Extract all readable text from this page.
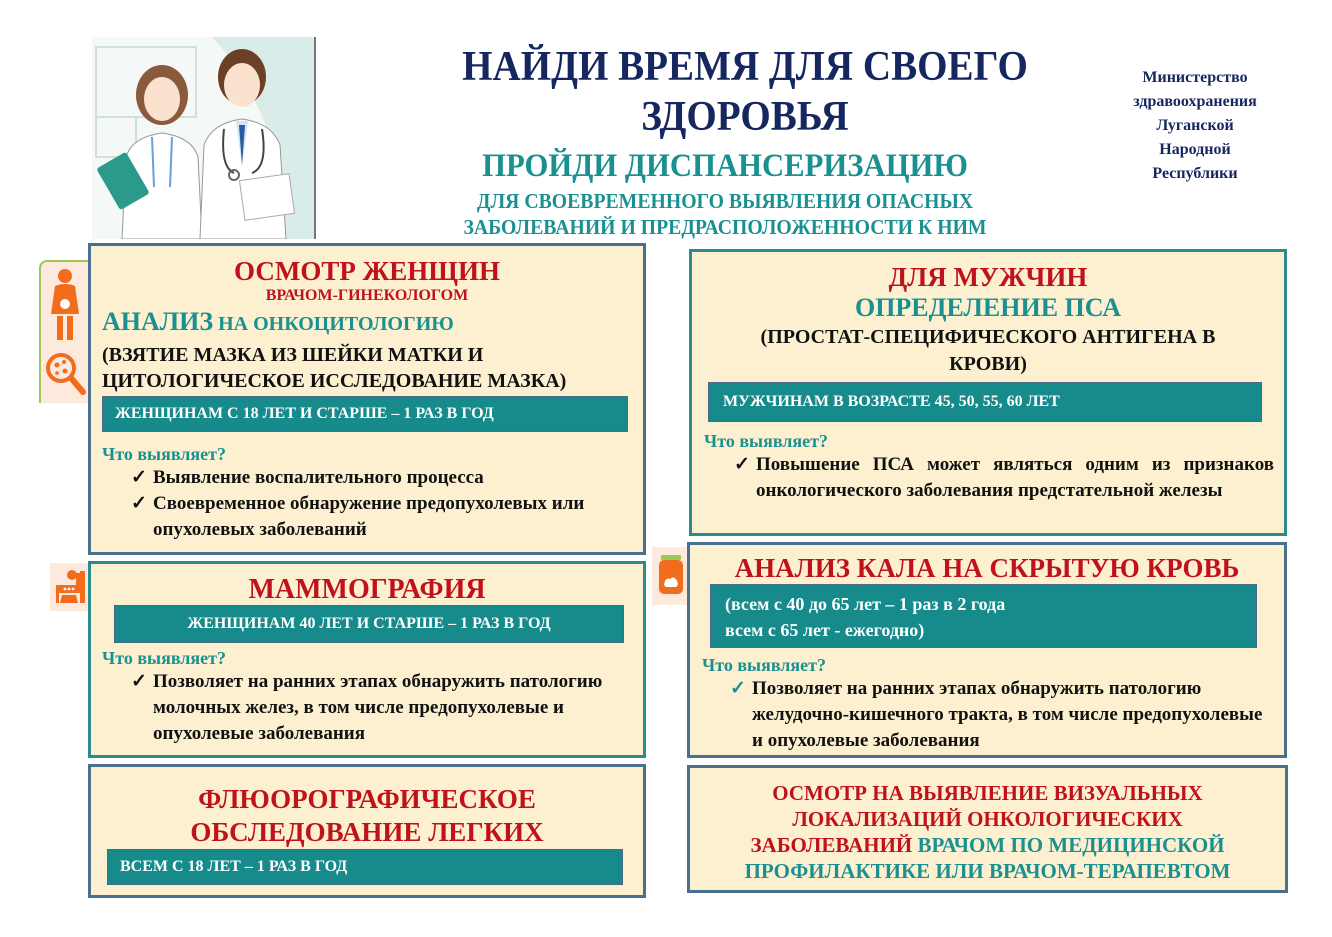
НАЙДИ ВРЕМЯ ДЛЯ СВОЕГО
ЗДОРОВЬЯ
ПРОЙДИ ДИСПАНСЕРИЗАЦИЮ
ДЛЯ СВОЕВРЕМЕННОГО ВЫЯВЛЕНИЯ ОПАСНЫХ
ЗАБОЛЕВАНИЙ И ПРЕДРАСПОЛОЖЕННОСТИ К НИМ
Министерство
здравоохранения
Луганской
Народной
Республики
ОСМОТР ЖЕНЩИН
ВРАЧОМ-ГИНЕКОЛОГОМ
АНАЛИЗ НА ОНКОЦИТОЛОГИЮ
(ВЗЯТИЕ МАЗКА ИЗ ШЕЙКИ МАТКИ И
ЦИТОЛОГИЧЕСКОЕ ИССЛЕДОВАНИЕ МАЗКА)
ЖЕНЩИНАМ С 18 ЛЕТ И СТАРШЕ – 1 РАЗ В ГОД
Что выявляет?
✓ Выявление воспалительного процесса
✓ Своевременное обнаружение предопухолевых или опухолевых заболеваний
ДЛЯ МУЖЧИН
ОПРЕДЕЛЕНИЕ ПСА
(ПРОСТАТ-СПЕЦИФИЧЕСКОГО АНТИГЕНА В
КРОВИ)
МУЖЧИНАМ В ВОЗРАСТЕ 45, 50, 55, 60 ЛЕТ
Что выявляет?
✓ Повышение ПСА может являться одним из признаков онкологического заболевания предстательной железы
МАММОГРАФИЯ
ЖЕНЩИНАМ 40 ЛЕТ И СТАРШЕ – 1 РАЗ В ГОД
Что выявляет?
✓ Позволяет на ранних этапах обнаружить патологию молочных желез, в том числе предопухолевые и опухолевые заболевания
АНАЛИЗ КАЛА НА СКРЫТУЮ КРОВЬ
(всем с 40 до 65 лет – 1 раз в 2 года
всем с 65 лет - ежегодно)
Что выявляет?
✓ Позволяет на ранних этапах обнаружить патологию желудочно-кишечного тракта, в том числе предопухолевые и опухолевые заболевания
ФЛЮОРОГРАФИЧЕСКОЕ
ОБСЛЕДОВАНИЕ ЛЕГКИХ
ВСЕМ С 18 ЛЕТ – 1 РАЗ В ГОД
ОСМОТР НА ВЫЯВЛЕНИЕ ВИЗУАЛЬНЫХ
ЛОКАЛИЗАЦИЙ ОНКОЛОГИЧЕСКИХ
ЗАБОЛЕВАНИЙ ВРАЧОМ ПО МЕДИЦИНСКОЙ
ПРОФИЛАКТИКЕ ИЛИ ВРАЧОМ-ТЕРАПЕВТОМ
